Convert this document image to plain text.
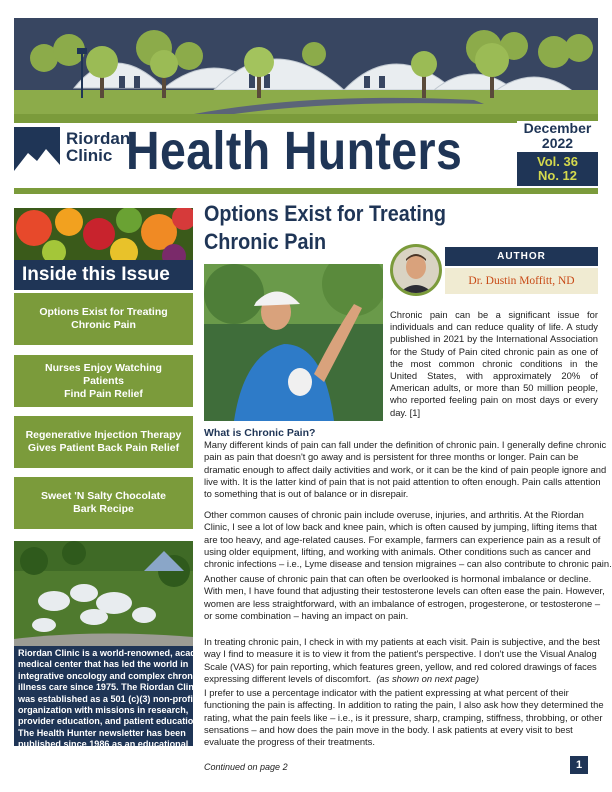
Riordan
Clinic Health Hunters	December
2022
Vol. 36
No. 12
Inside this Issue
Options Exist for Treating
Chronic Pain
Nurses Enjoy Watching Patients
Find Pain Relief
Regenerative Injection Therapy
Gives Patient Back Pain Relief
Sweet 'N Salty Chocolate
Bark Recipe
Riordan Clinic is a world-renowned, academic
medical center that has led the world in
integrative oncology and complex chronic
illness care since 1975. The Riordan Clinic
was established as a 501 (c)(3) non-profit
organization with missions in research,
provider education, and patient education.
The Health Hunter newsletter has been
published since 1986 as an educational
resource to providers and patients.
Options Exist for Treating
Chronic Pain
AUTHOR
Dr. Dustin Moffitt, ND
Chronic pain can be a significant issue for
individuals and can reduce quality of life. A study
published in 2021 by the International Association
for the Study of Pain cited chronic pain as one of
the most common chronic conditions in the
United States, with approximately 20% of
American adults, or more than 50 million people,
who reported feeling pain on most days or every
day. [1]
What is Chronic Pain?
Many different kinds of pain can fall under the definition of chronic pain. I generally define chronic
pain as pain that doesn't go away and is persistent for three months or longer. Pain can be
dramatic enough to affect daily activities and work, or it can be the kind of pain people ignore and
live with. It is the latter kind of pain that is not paid attention to often enough. Pain calls attention
to something that is out of balance or in disrepair.
Other common causes of chronic pain include overuse, injuries, and arthritis. At the Riordan
Clinic, I see a lot of low back and knee pain, which is often caused by jumping, lifting items that
are too heavy, and age-related causes. For example, farmers can experience pain as a result of
using older equipment, lifting, and working with animals. Other conditions such as cancer and
chronic infections – i.e., Lyme disease and tension migraines – can also contribute to chronic pain.
Another cause of chronic pain that can often be overlooked is hormonal imbalance or decline.
With men, I have found that adjusting their testosterone levels can often ease the pain. However,
women are less straightforward, with an imbalance of estrogen, progesterone, or testosterone –
or some combination – having an impact on pain.
In treating chronic pain, I check in with my patients at each visit. Pain is subjective, and the best
way I find to measure it is to view it from the patient's perspective. I don't use the Visual Analog
Scale (VAS) for pain reporting, which features green, yellow, and red colored drawings of faces
expressing different levels of discomfort. (as shown on next page)
I prefer to use a percentage indicator with the patient expressing at what percent of their
functioning the pain is affecting. In addition to rating the pain, I also ask how they determined the
rating, what the pain feels like – i.e., is it pressure, sharp, cramping, stiffness, throbbing, or other
sensations – and how does the pain move in the body. I ask patients at every visit to best
evaluate the progress of their treatments.
Continued on page 2	1
